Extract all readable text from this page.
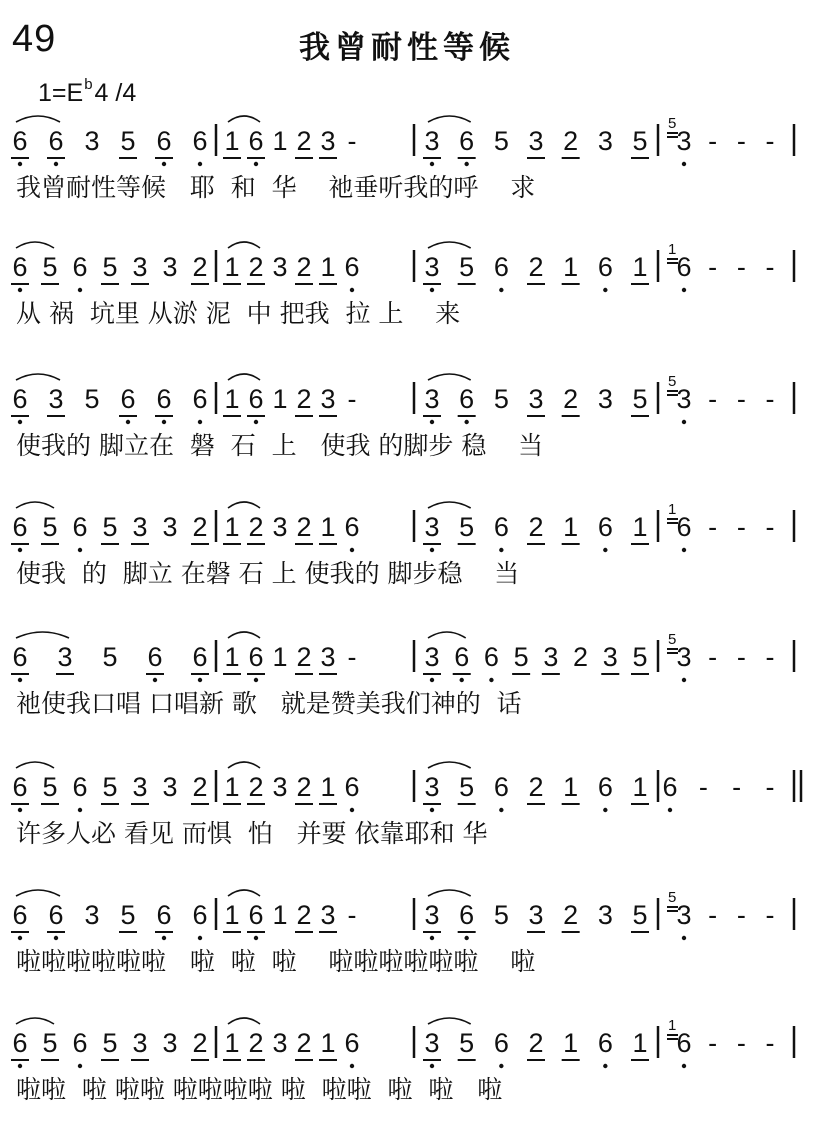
49	我曾耐性等候
$1=E^b4$ /4
6 6 3 5 6 6 1 6 1 2 3 -	3 6 5 3 2 3 5
5
3 - - -
我曾耐性等候   耶  和  华    祂垂听我的呼    求
6 5 6 5 3 3 2 1 2 3 2 1 6 3 5 6 2 1 6 1
1
6 - - -
从 祸  坑里 从淤 泥  中 把我  拉 上    来
6 3 5 6 6 6 1 6 1 2 3 -	3 6 5 3 2 3 5
5
3 - - -
使我的 脚立在  磐  石  上   使我 的脚步 稳    当
6 5 6 5 3 3 2 1 2 3 2 1 6 3 5 6 2 1 6 1
1
6 - - -
使我  的  脚立 在磐 石 上 使我的 脚步稳    当
6 3 5 6 6 1 6 1 2 3 -	3 6 6 5 3 2 3 5
5
3 - - -
祂使我口唱 口唱新 歌   就是赞美我们神的  话
6 5 6 5 3 3 2 1 2 3 2 1 6 3 5 6 2 1 6 1 6 - - -
许多人必 看见 而惧  怕   并要 依靠耶和 华
6 6 3 5 6 6 1 6 1 2 3 -	3 6 5 3 2 3 5
5
3 - - -
啦啦啦啦啦啦   啦  啦  啦    啦啦啦啦啦啦    啦
6 5 6 5 3 3 2 1 2 3 2 1 6 3 5 6 2 1 6 1
1
6 - - -
啦啦  啦 啦啦 啦啦啦啦 啦  啦啦  啦  啦   啦
